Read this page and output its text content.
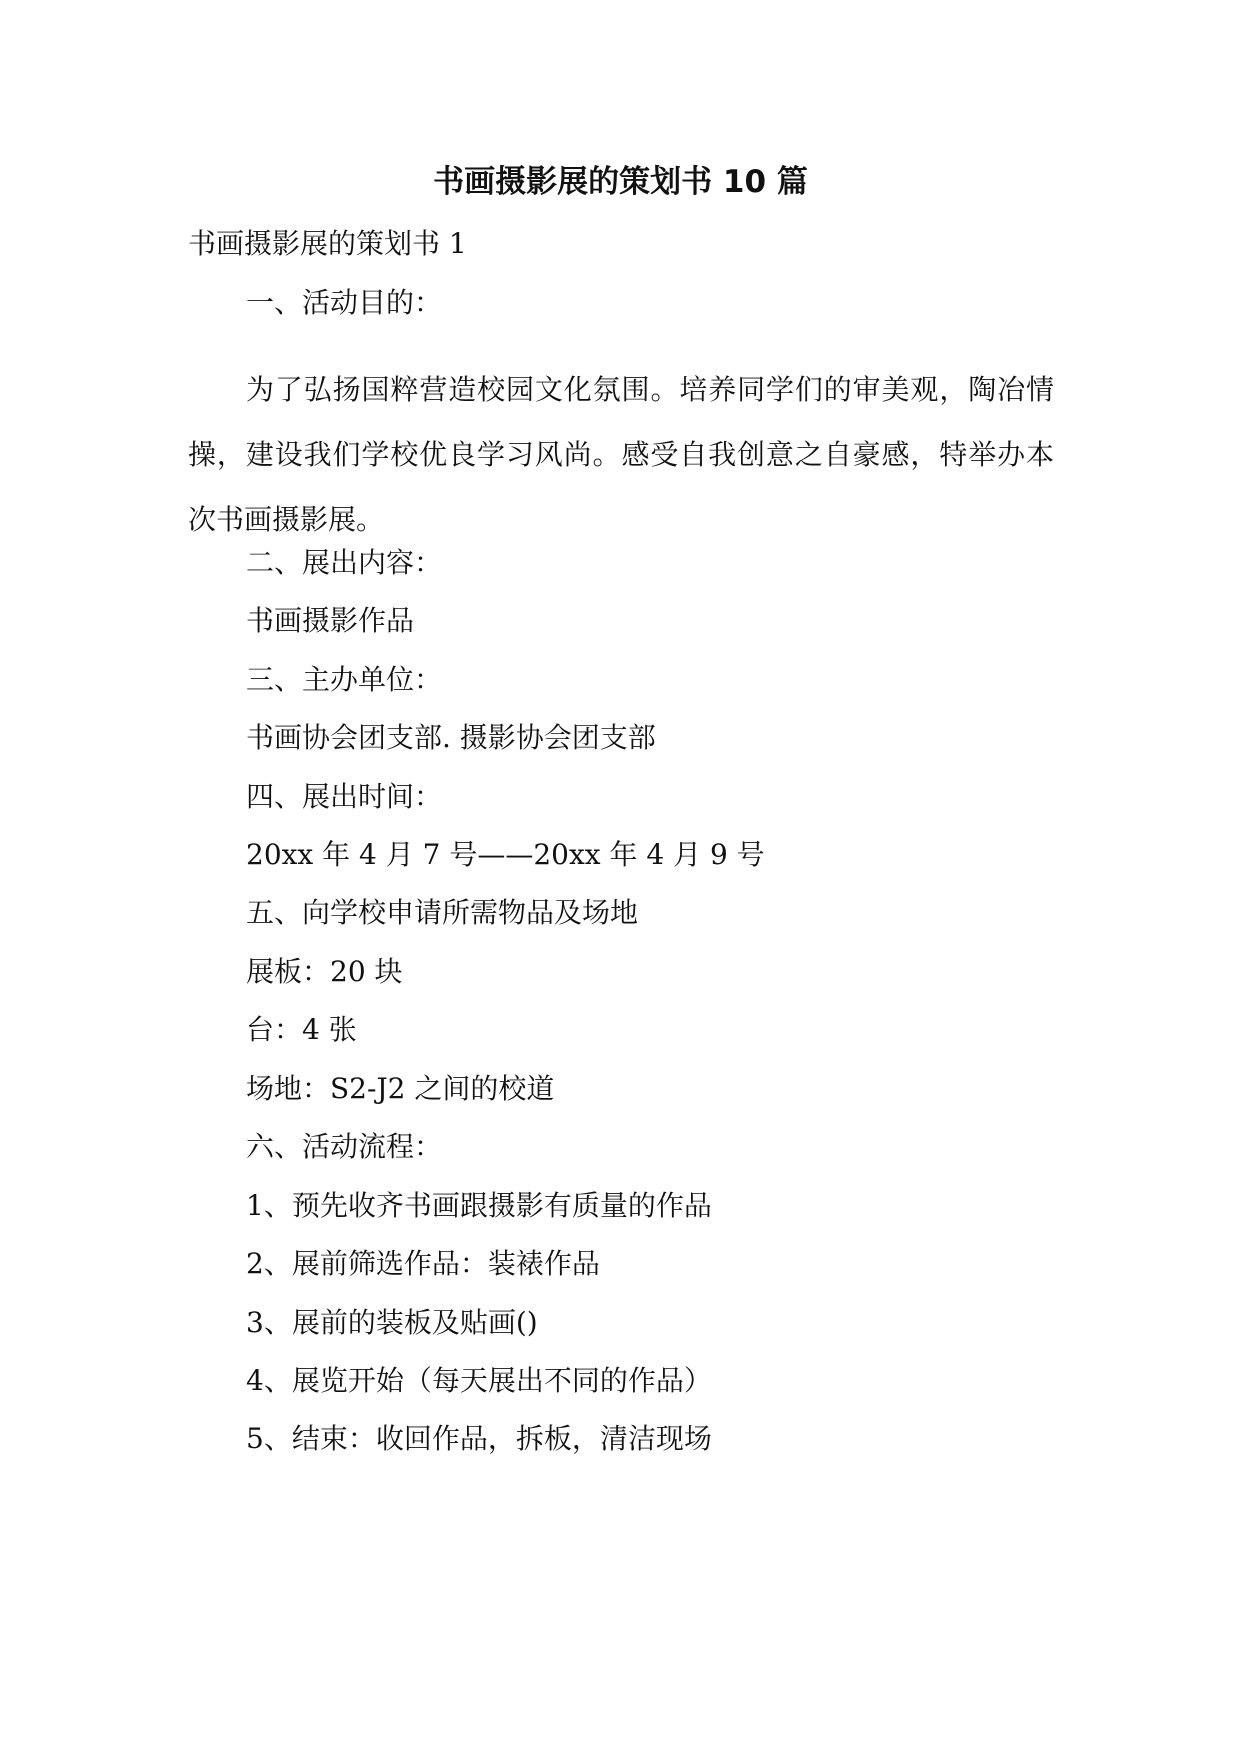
书画摄影展的策划书 10 篇

书画摄影展的策划书 1

一、活动目的：

为了弘扬国粹营造校园文化氛围。培养同学们的审美观，陶冶情操，建设我们学校优良学习风尚。感受自我创意之自豪感，特举办本次书画摄影展。

二、展出内容：

书画摄影作品

三、主办单位：

书画协会团支部. 摄影协会团支部

四、展出时间：

20xx 年 4 月 7 号——20xx 年 4 月 9 号

五、向学校申请所需物品及场地

展板：20 块

台：4 张

场地：S2-J2 之间的校道

六、活动流程：

1、预先收齐书画跟摄影有质量的作品

2、展前筛选作品：装裱作品

3、展前的装板及贴画()

4、展览开始（每天展出不同的作品）

5、结束：收回作品，拆板，清洁现场
